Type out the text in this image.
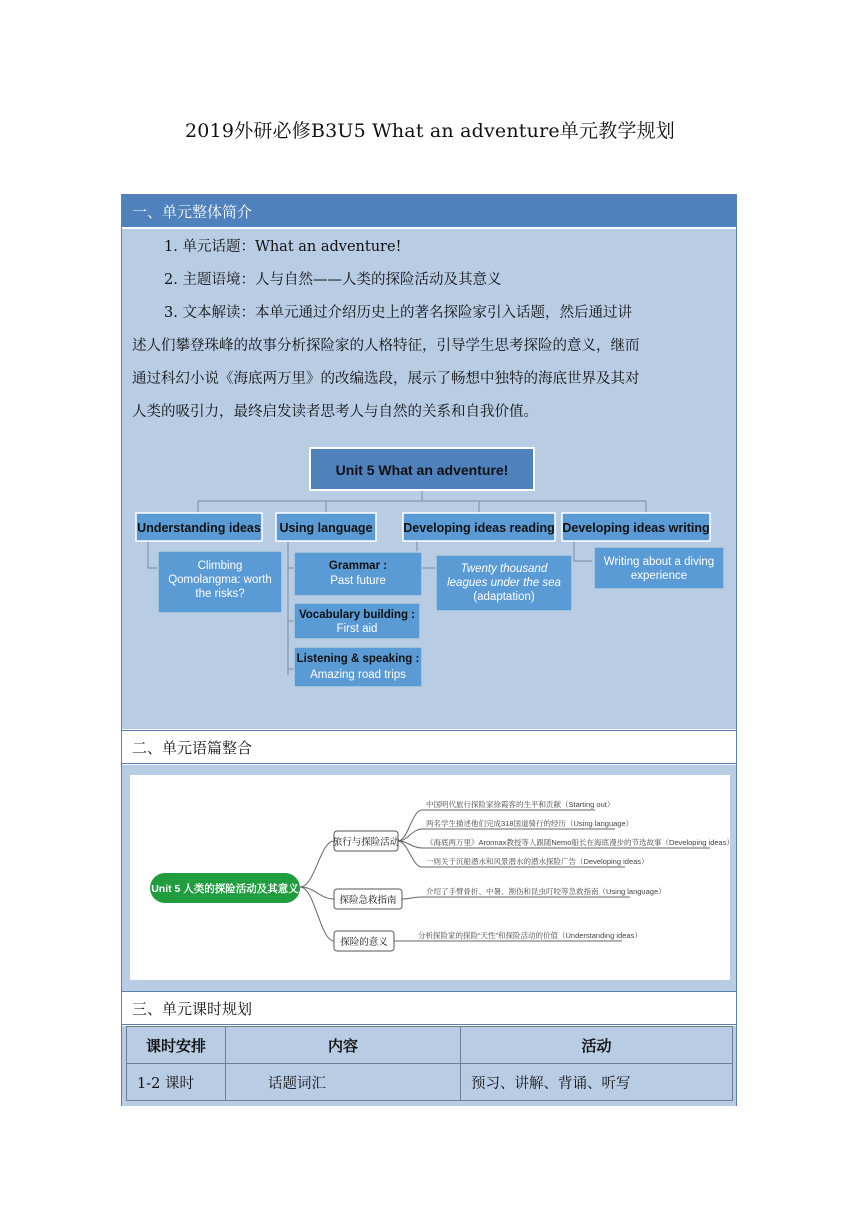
2019外研必修B3U5 What an adventure单元教学规划
一、单元整体简介
1. 单元话题：What an adventure!
2. 主题语境：人与自然——人类的探险活动及其意义
3. 文本解读：本单元通过介绍历史上的著名探险家引入话题，然后通过讲
述人们攀登珠峰的故事分析探险家的人格特征，引导学生思考探险的意义，继而
通过科幻小说《海底两万里》的改编选段，展示了畅想中独特的海底世界及其对
人类的吸引力，最终启发读者思考人与自然的关系和自我价值。
Unit 5 What an adventure!
Understanding ideas Using language Developing ideas reading Developing ideas writing
Climbing
Qomolangma: worth
the risks?
Grammar :
Past future
Vocabulary building :
First aid
Listening & speaking :
Amazing road trips
Twenty thousand
leagues under the sea
(adaptation)
Writing about a diving
experience
二、单元语篇整合
Unit 5 人类的探险活动及其意义
旅行与探险活动
探险急救指南
探险的意义
中国明代旅行探险家徐霞客的生平和贡献（Starting out）
两名学生描述他们完成318国道骑行的经历（Using language）
《海底两万里》Aronnax教授等人跟随Nemo船长在海底漫步的节选故事（Developing ideas）
一则关于沉船潜水和风景潜水的潜水探险广告（Developing ideas）
介绍了手臂骨折、中暑、割伤和昆虫叮咬等急救指南（Using language）
分析探险家的探险“天性”和探险活动的价值（Understanding ideas）
三、单元课时规划
课时安排	内容	活动
1-2 课时	话题词汇	预习、讲解、背诵、听写
